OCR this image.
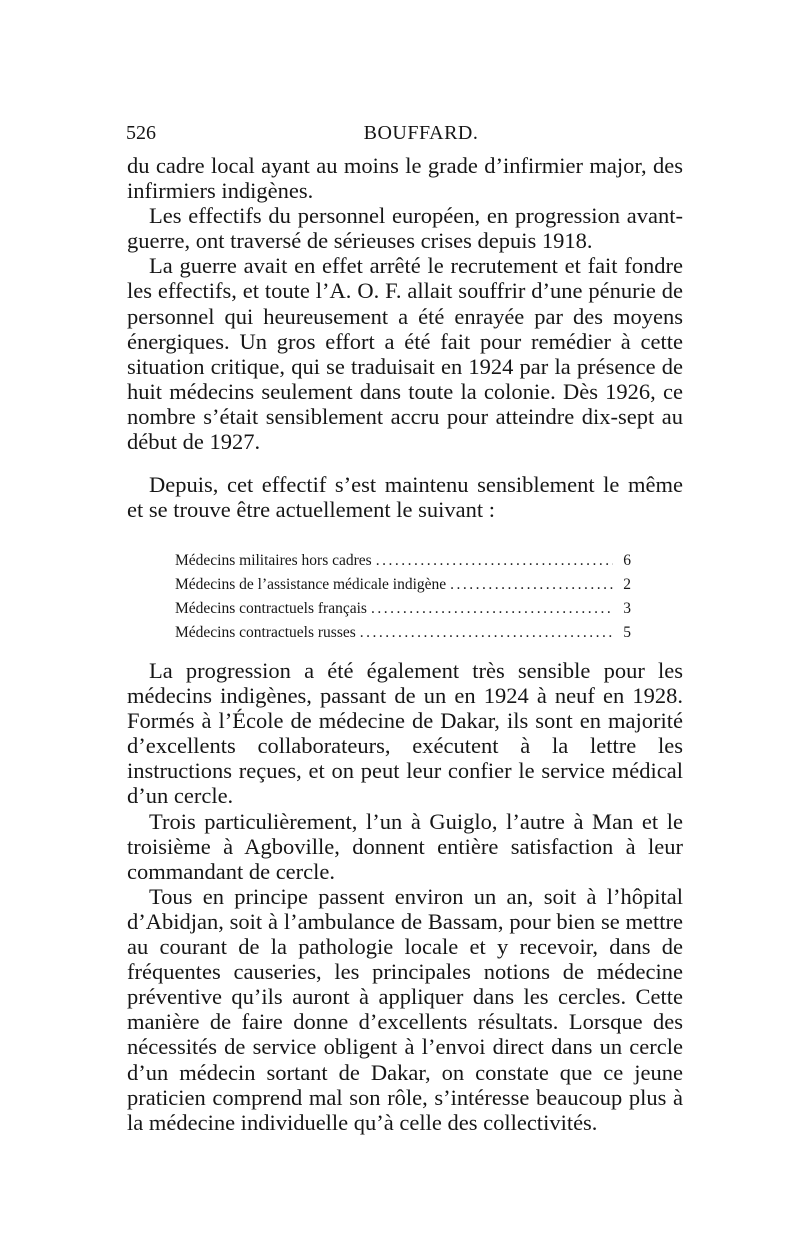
526	BOUFFARD.

du cadre local ayant au moins le grade d’infirmier major, des infirmiers indigènes.

Les effectifs du personnel européen, en progression avant-guerre, ont traversé de sérieuses crises depuis 1918.

La guerre avait en effet arrêté le recrutement et fait fondre les effectifs, et toute l’A. O. F. allait souffrir d’une pénurie de personnel qui heureusement a été enrayée par des moyens énergiques. Un gros effort a été fait pour remédier à cette situation critique, qui se traduisait en 1924 par la présence de huit médecins seulement dans toute la colonie. Dès 1926, ce nombre s’était sensiblement accru pour atteindre dix-sept au début de 1927.

Depuis, cet effectif s’est maintenu sensiblement le même et se trouve être actuellement le suivant :

Médecins militaires hors cadres .....	6
Médecins de l’assistance médicale indigène .....	2
Médecins contractuels français .....	3
Médecins contractuels russes .....	5

La progression a été également très sensible pour les médecins indigènes, passant de un en 1924 à neuf en 1928. Formés à l’École de médecine de Dakar, ils sont en majorité d’excellents collaborateurs, exécutent à la lettre les instructions reçues, et on peut leur confier le service médical d’un cercle.

Trois particulièrement, l’un à Guiglo, l’autre à Man et le troisième à Agboville, donnent entière satisfaction à leur commandant de cercle.

Tous en principe passent environ un an, soit à l’hôpital d’Abidjan, soit à l’ambulance de Bassam, pour bien se mettre au courant de la pathologie locale et y recevoir, dans de fréquentes causeries, les principales notions de médecine préventive qu’ils auront à appliquer dans les cercles. Cette manière de faire donne d’excellents résultats. Lorsque des nécessités de service obligent à l’envoi direct dans un cercle d’un médecin sortant de Dakar, on constate que ce jeune praticien comprend mal son rôle, s’intéresse beaucoup plus à la médecine individuelle qu’à celle des collectivités.
